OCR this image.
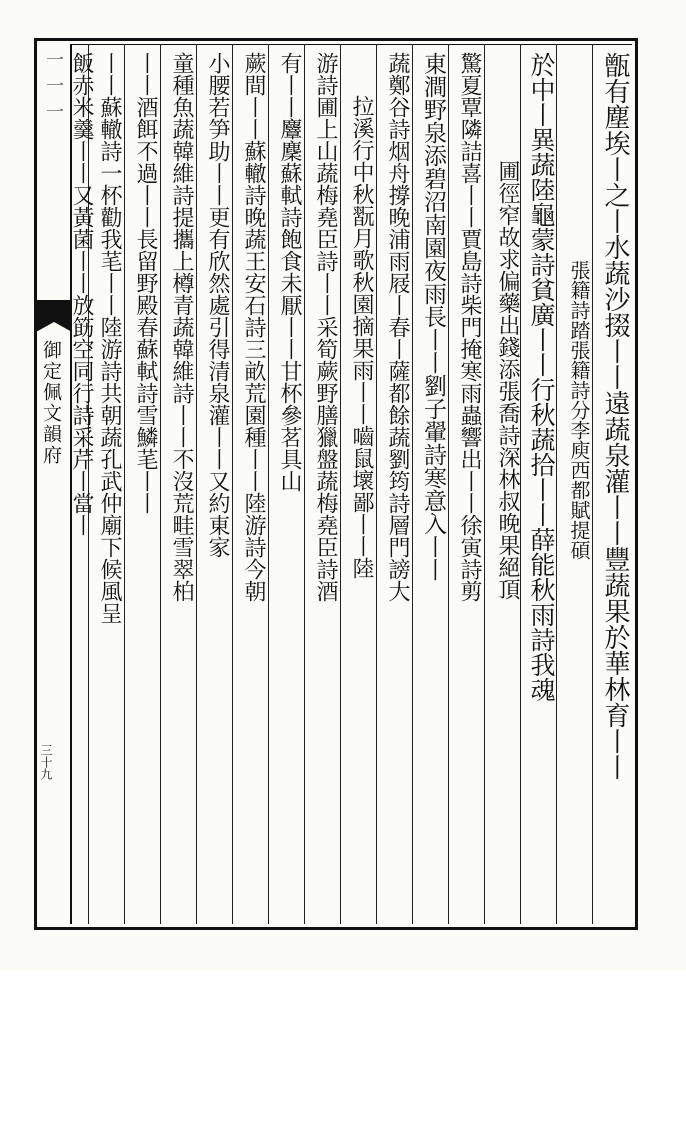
一一一
御定佩文韻府
三十九	甑有塵埃丨之丨水蔬沙掇丨丨遠蔬泉灌丨丨豐蔬果於華林育丨丨
張籍詩踏張籍詩分李庾西都賦提碩
於中丨異蔬陸龜蒙詩貧廣丨丨行秋蔬拾丨丨薛能秋雨詩我魂
圃徑窄故求偏藥出錢添張喬詩深林叔晚果絕頂
驚夏覃隣詰喜丨丨賈島詩柴門掩寒雨蟲響出丨丨徐寅詩剪
東澗野泉添碧沼南園夜雨長丨丨劉子翬詩寒意入丨丨
蔬鄭谷詩烟舟撐晚浦雨屐丨春丨薩都餘蔬劉筠詩層門謗大
拉溪行中秋翫月歌秋園摘果雨丨丨嚙鼠壞鄙丨丨陸
游詩圃上山蔬梅堯臣詩丨丨采筍蕨野膳獵盤蔬梅堯臣詩酒
有丨丨麞麇蘇軾詩飽食未厭丨丨甘杯參茗具山
蕨間丨丨蘇轍詩晚蔬王安石詩三畝荒園種丨丨陸游詩今朝
小腰若笋助丨丨更有欣然處引得清泉灌丨丨又約東家
童種魚蔬韓維詩提攜上樽青蔬韓維詩丨丨不沒荒畦雪翠柏
丨丨酒餌不過丨丨長留野殿春蘇軾詩雪鱗芼丨丨
丨丨蘇轍詩一杯勸我芼丨丨陸游詩共朝蔬孔武仲廟下候風呈
飯赤米羹丨丨又黃菌丨丨放筯空同行詩采芹丨當丨
